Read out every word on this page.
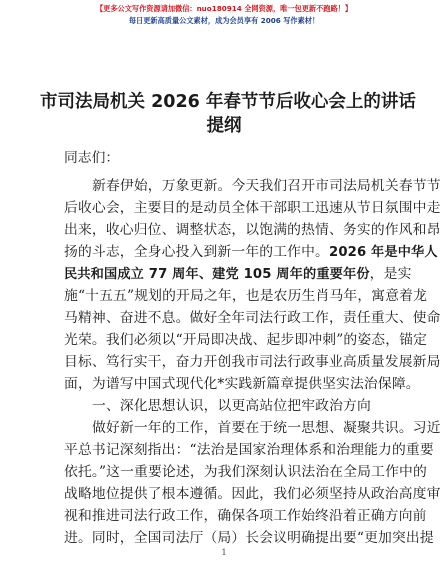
【更多公文写作资源请加微信：nuo180914 全网资源，唯一包更新不跑路！】
每日更新高质量公文素材，成为会员享有 2006 写作素材！
市司法局机关 2026 年春节节后收心会上的讲话
提纲
同志们：
新春伊始，万象更新。今天我们召开市司法局机关春节节
后收心会，主要目的是动员全体干部职工迅速从节日氛围中走
出来，收心归位、调整状态，以饱满的热情、务实的作风和昂
扬的斗志，全身心投入到新一年的工作中。2026 年是中华人
民共和国成立 77 周年、建党 105 周年的重要年份，是实
施“十五五”规划的开局之年，也是农历生肖马年，寓意着龙
马精神、奋进不息。做好全年司法行政工作，责任重大、使命
光荣。我们必须以“开局即决战、起步即冲刺”的姿态，锚定
目标、笃行实干，奋力开创我市司法行政事业高质量发展新局
面，为谱写中国式现代化*实践新篇章提供坚实法治保障。
一、深化思想认识，以更高站位把牢政治方向
做好新一年的工作，首要在于统一思想、凝聚共识。习近
平总书记深刻指出：“法治是国家治理体系和治理能力的重要
依托。”这一重要论述，为我们深刻认识法治在全局工作中的
战略地位提供了根本遵循。因此，我们必须坚持从政治高度审
视和推进司法行政工作，确保各项工作始终沿着正确方向前
进。同时，全国司法厅（局）长会议明确提出要“更加突出提
1
